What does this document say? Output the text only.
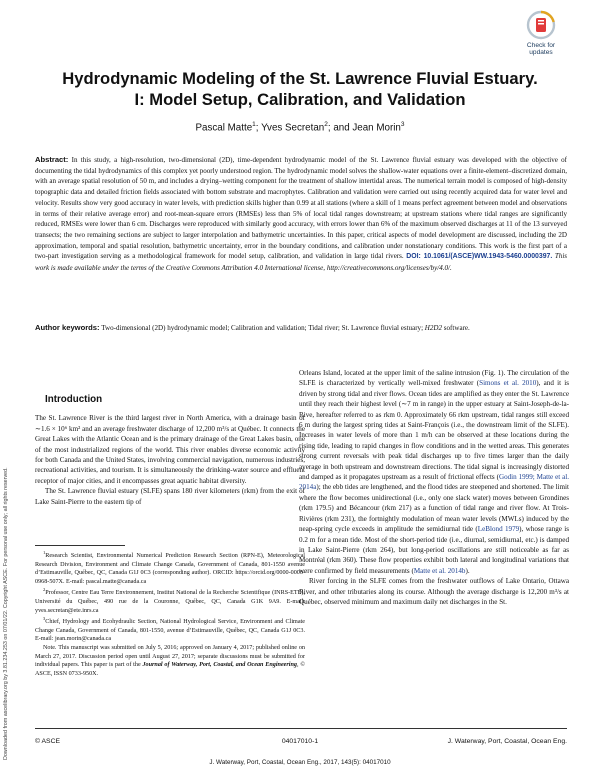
Downloaded from ascelibrary.org by 3.81.234.253 on 07/01/22. Copyright ASCE. For personal use only; all rights reserved.
Check for
updates
Hydrodynamic Modeling of the St. Lawrence Fluvial Estuary.
I: Model Setup, Calibration, and Validation
Pascal Matte$^1$; Yves Secretan$^2$; and Jean Morin$^3$
Abstract: In this study, a high-resolution, two-dimensional (2D), time-dependent hydrodynamic model of the St. Lawrence fluvial estuary was developed with the objective of documenting the tidal hydrodynamics of this complex yet poorly understood region. The hydrodynamic model solves the shallow-water equations over a finite-element–discretized domain, with an average spatial resolution of 50 m, and includes a drying–wetting component for the treatment of shallow intertidal areas. The numerical terrain model is composed of high-density topographic data and detailed friction fields associated with bottom substrate and macrophytes. Calibration and validation were carried out using recently acquired data for water level and velocity. Results show very good accuracy in water levels, with prediction skills higher than 0.99 at all stations (where a skill of 1 means perfect agreement between model and observations in terms of their relative average error) and root-mean-square errors (RMSEs) less than 5% of local tidal ranges downstream; at upstream stations where tidal ranges are significantly reduced, RMSEs were lower than 6 cm. Discharges were reproduced with similarly good accuracy, with errors lower than 6% of the maximum observed discharges at 11 of the 13 surveyed transects; the two remaining sections are subject to larger interpolation and bathymetric uncertainties. In this paper, critical aspects of model development are discussed, including the 2D approximation, temporal and spatial resolution, bathymetric uncertainty, error in the boundary conditions, and calibration under nonstationary conditions. This work is the first part of a two-part investigation serving as a methodological framework for model setup, calibration, and validation in large tidal rivers. DOI: 10.1061/(ASCE)WW.1943-5460.0000397. This work is made available under the terms of the Creative Commons Attribution 4.0 International license, http://creativecommons.org/licenses/by/4.0/.
Author keywords: Two-dimensional (2D) hydrodynamic model; Calibration and validation; Tidal river; St. Lawrence fluvial estuary; H2D2 software.

Introduction

The St. Lawrence River is the third largest river in North America, with a drainage basin of ∼1.6 × 10⁶ km² and an average freshwater discharge of 12,200 m³/s at Québec. It connects the Great Lakes with the Atlantic Ocean and is the primary drainage of the Great Lakes basin, one of the most industrialized regions of the world. This river enables diverse economic activity for both Canada and the United States, involving commercial navigation, numerous industries, recreational activities, and tourism. It is simultaneously the drinking-water source and effluent receptor of major cities, and it encompasses great aquatic habitat diversity.

The St. Lawrence fluvial estuary (SLFE) spans 180 river kilometers (rkm) from the exit of Lake Saint-Pierre to the eastern tip of

Orleans Island, located at the upper limit of the saline intrusion (Fig. 1). The circulation of the SLFE is characterized by vertically well-mixed freshwater (Simons et al. 2010), and it is driven by strong tidal and river flows. Ocean tides are amplified as they enter the St. Lawrence until they reach their highest level (∼7 m in range) in the upper estuary at Saint-Joseph-de-la-Rive, hereafter referred to as rkm 0. Approximately 66 rkm upstream, tidal ranges still exceed 6 m during the largest spring tides at Saint-François (i.e., the downstream limit of the SLFE). Increases in water levels of more than 1 m/h can be observed at these locations during the rising tide, leading to rapid changes in flow conditions and in the wetted areas. This generates strong current reversals with peak tidal discharges up to five times larger than the daily average in both upstream and downstream directions. The tidal signal is increasingly distorted and damped as it propagates upstream as a result of frictional effects (Godin 1999; Matte et al. 2014a); the ebb tides are lengthened, and the flood tides are steepened and shortened. The limit where the flow becomes unidirectional (i.e., only one slack water) moves between Grondines (rkm 179.5) and Bécancour (rkm 217) as a function of tidal range and river flow. At Trois-Rivières (rkm 231), the fortnightly modulation of mean water levels (MWLs) induced by the neap-spring cycle exceeds in amplitude the semidiurnal tide (LeBlond 1979), whose range is 0.2 m for a mean tide. Most of the short-period tide (i.e., diurnal, semidiurnal, etc.) is damped in Lake Saint-Pierre (rkm 264), but long-period oscillations are still noticeable as far as Montréal (rkm 360). These flow properties exhibit both lateral and longitudinal variations that were confirmed by field measurements (Matte et al. 2014b).

River forcing in the SLFE comes from the freshwater outflows of Lake Ontario, Ottawa River, and other tributaries along its course. Although the average discharge is 12,200 m³/s at Québec, observed minimum and maximum daily net discharges in the St.

$^1$Research Scientist, Environmental Numerical Prediction Research Section (RPN-E), Meteorological Research Division, Environment and Climate Change Canada, Government of Canada, 801-1550 avenue d’Estimauville, Québec, QC, Canada G1J 0C3 (corresponding author). ORCID: https://orcid.org/0000-0003-0968-507X. E-mail: pascal.matte@canada.ca

$^2$Professor, Centre Eau Terre Environnement, Institut National de la Recherche Scientifique (INRS-ETE), Université du Québec, 490 rue de la Couronne, Québec, QC, Canada G1K 9A9. E-mail: yves.secretan@ete.inrs.ca

$^3$Chief, Hydrology and Ecohydraulic Section, National Hydrological Service, Environment and Climate Change Canada, Government of Canada, 801-1550, avenue d’Estimauville, Québec, QC, Canada G1J 0C3. E-mail: jean.morin@canada.ca

Note. This manuscript was submitted on July 5, 2016; approved on January 4, 2017; published online on March 27, 2017. Discussion period open until August 27, 2017; separate discussions must be submitted for individual papers. This paper is part of the Journal of Waterway, Port, Coastal, and Ocean Engineering, © ASCE, ISSN 0733-950X.

© ASCE	04017010-1	J. Waterway, Port, Coastal, Ocean Eng.
J. Waterway, Port, Coastal, Ocean Eng., 2017, 143(5): 04017010
